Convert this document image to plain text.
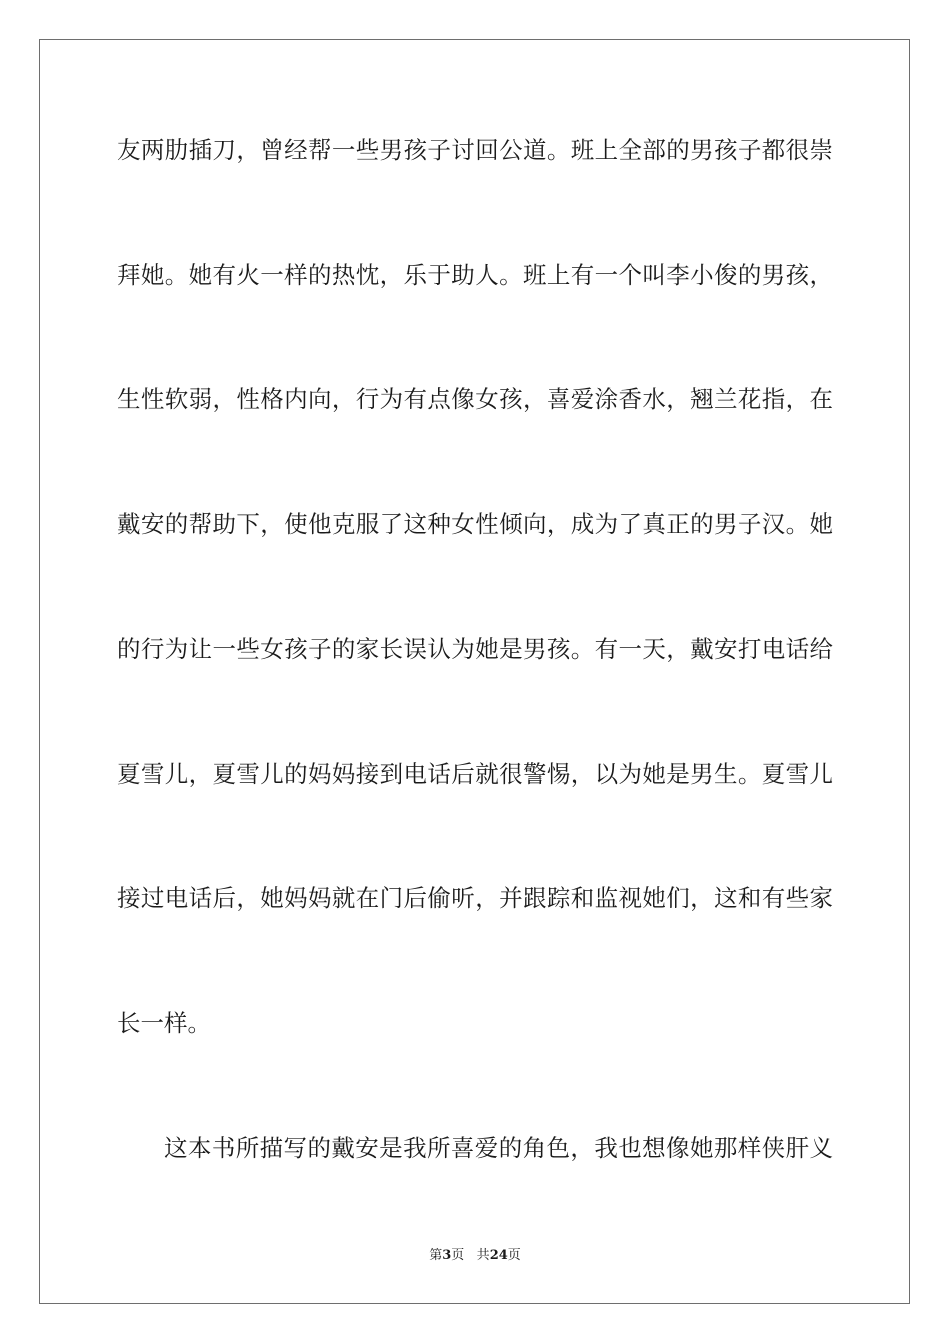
友两肋插刀，曾经帮一些男孩子讨回公道。班上全部的男孩子都很崇
拜她。她有火一样的热忱，乐于助人。班上有一个叫李小俊的男孩，
生性软弱，性格内向，行为有点像女孩，喜爱涂香水，翘兰花指，在
戴安的帮助下，使他克服了这种女性倾向，成为了真正的男子汉。她
的行为让一些女孩子的家长误认为她是男孩。有一天，戴安打电话给
夏雪儿，夏雪儿的妈妈接到电话后就很警惕，以为她是男生。夏雪儿
接过电话后，她妈妈就在门后偷听，并跟踪和监视她们，这和有些家
长一样。
这本书所描写的戴安是我所喜爱的角色，我也想像她那样侠肝义
第3页 共24页
